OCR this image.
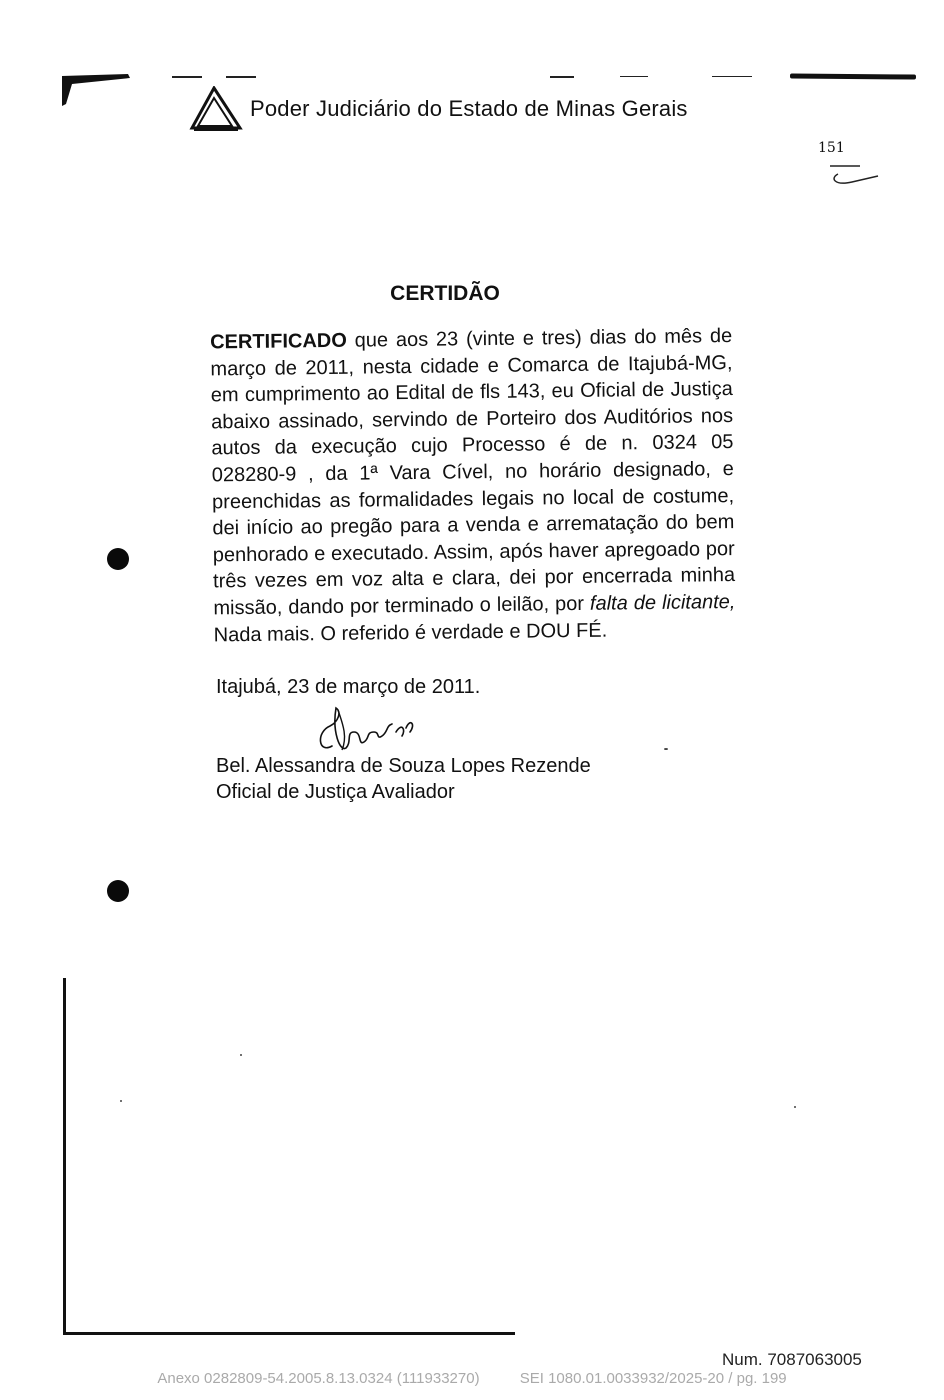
Poder Judiciário do Estado de Minas Gerais
151
CERTIDÃO

CERTIFICADO que aos 23 (vinte e tres) dias do mês de março de 2011, nesta cidade e Comarca de Itajubá-MG, em cumprimento ao Edital de fls 143, eu Oficial de Justiça abaixo assinado, servindo de Porteiro dos Auditórios nos autos da execução cujo Processo é de n. 0324 05 028280-9 , da 1ª Vara Cível, no horário designado, e preenchidas as formalidades legais no local de costume, dei início ao pregão para a venda e arrematação do bem penhorado e executado. Assim, após haver apregoado por três vezes em voz alta e clara, dei por encerrada minha missão, dando por terminado o leilão, por falta de licitante, Nada mais. O referido é verdade e DOU FÉ.

Itajubá, 23 de março de 2011.
Bel. Alessandra de Souza Lopes Rezende
Oficial de Justiça Avaliador
Num. 7087063005
Anexo 0282809-54.2005.8.13.0324 (111933270)	SEI 1080.01.0033932/2025-20 / pg. 199
